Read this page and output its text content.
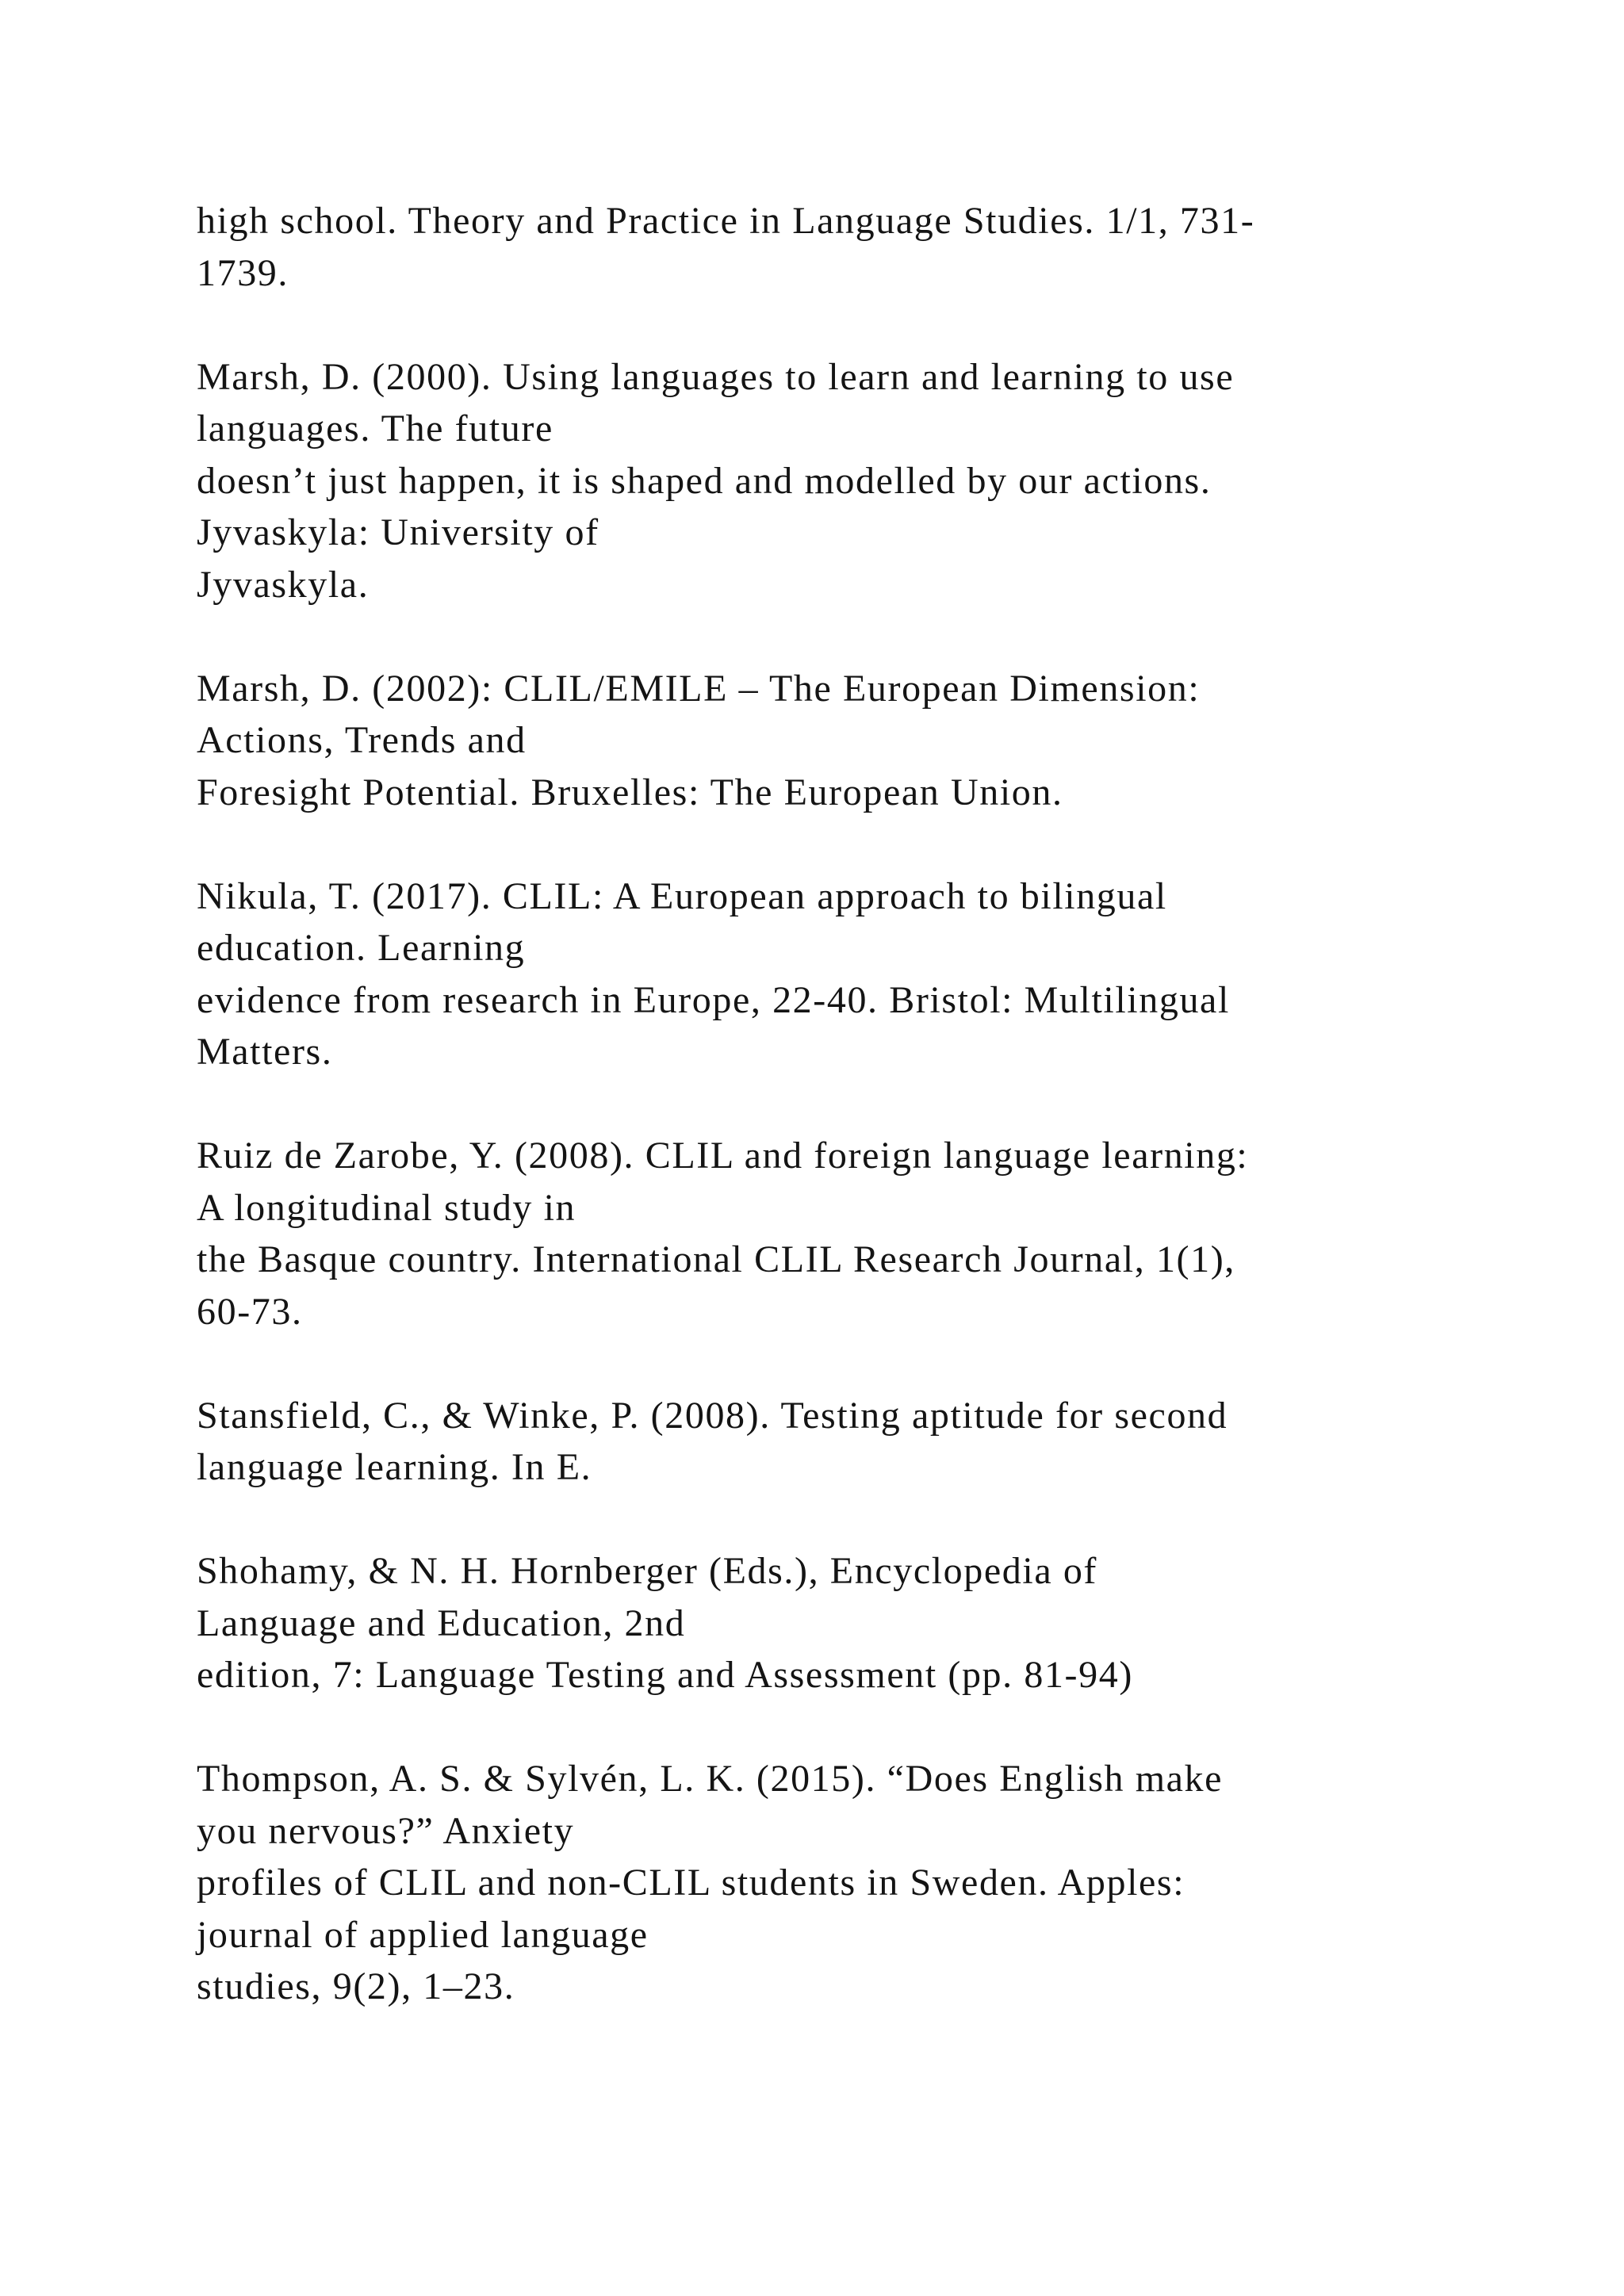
high school. Theory and Practice in Language Studies. 1/1, 731-
1739.
Marsh, D. (2000). Using languages to learn and learning to use
languages. The future
doesn’t just happen, it is shaped and modelled by our actions.
Jyvaskyla: University of
Jyvaskyla.
Marsh, D. (2002): CLIL/EMILE – The European Dimension:
Actions, Trends and
Foresight Potential. Bruxelles: The European Union.
Nikula, T. (2017). CLIL: A European approach to bilingual
education. Learning
evidence from research in Europe, 22-40. Bristol: Multilingual
Matters.
Ruiz de Zarobe, Y. (2008). CLIL and foreign language learning:
A longitudinal study in
the Basque country. International CLIL Research Journal, 1(1),
60-73.
Stansfield, C., & Winke, P. (2008). Testing aptitude for second
language learning. In E.
Shohamy, & N. H. Hornberger (Eds.), Encyclopedia of
Language and Education, 2nd
edition, 7: Language Testing and Assessment (pp. 81-94)
Thompson, A. S. & Sylvén, L. K. (2015). “Does English make
you nervous?” Anxiety
profiles of CLIL and non-CLIL students in Sweden. Apples:
journal of applied language
studies, 9(2), 1–23.
